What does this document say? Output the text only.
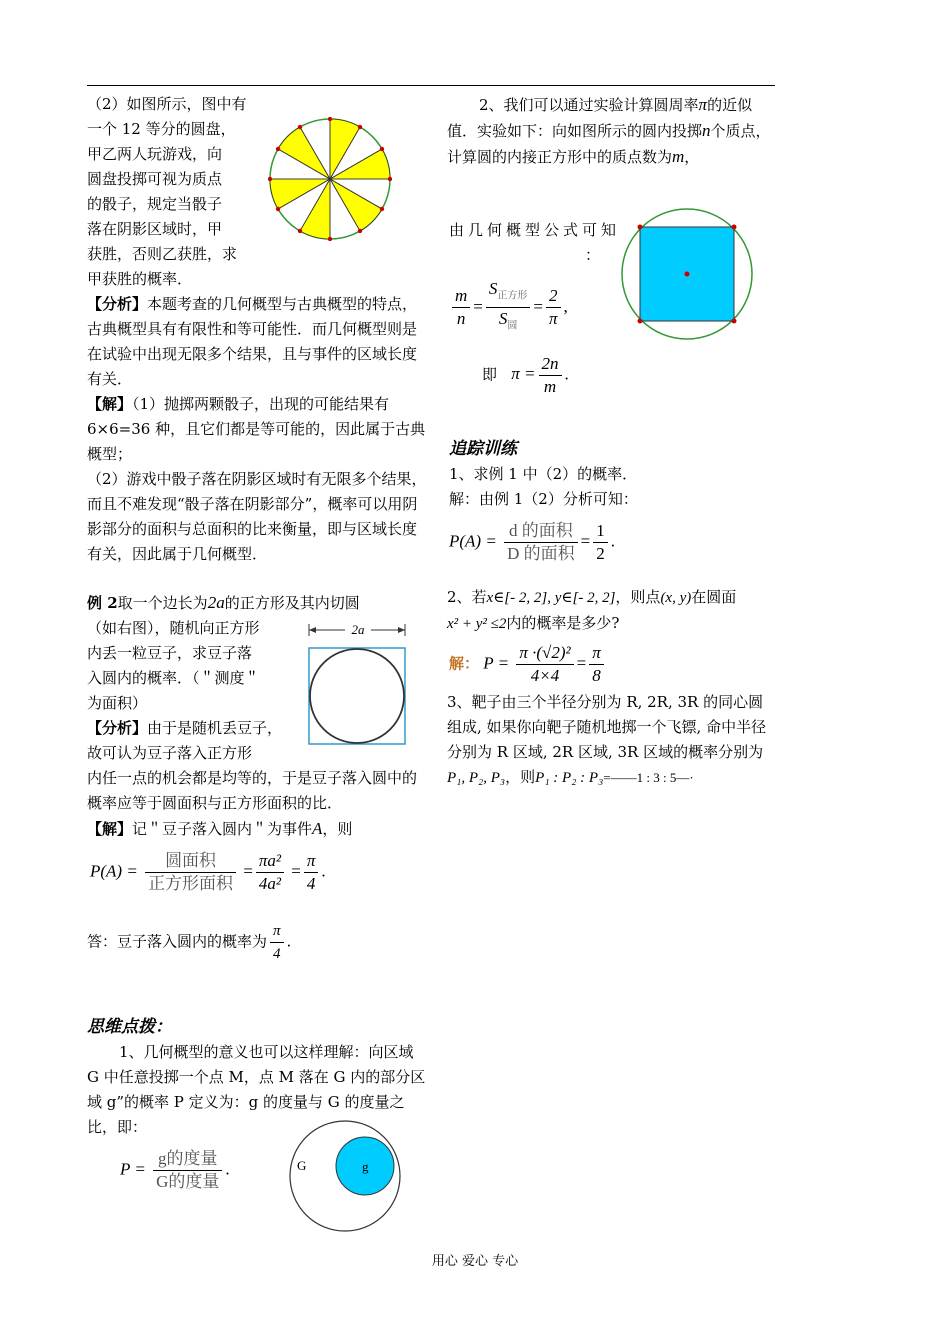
（2）如图所示，图中有
一个 12 等分的圆盘，
甲乙两人玩游戏，向
圆盘投掷可视为质点
的骰子，规定当骰子
落在阴影区域时，甲
获胜，否则乙获胜，求
甲获胜的概率．
【分析】本题考查的几何概型与古典概型的特点，古典概型具有有限性和等可能性．而几何概型则是在试验中出现无限多个结果，且与事件的区域长度有关．
【解】（1）抛掷两颗骰子，出现的可能结果有6×6=36 种，且它们都是等可能的，因此属于古典概型；
（2）游戏中骰子落在阴影区域时有无限多个结果，而且不难发现“骰子落在阴影部分”，概率可以用阴影部分的面积与总面积的比来衡量，即与区域长度有关，因此属于几何概型．
例 2取一个边长为2a的正方形及其内切圆
（如右图），随机向正方形
内丢一粒豆子，求豆子落
入圆内的概率．（＂测度＂
为面积）
【分析】由于是随机丢豆子，
故可认为豆子落入正方形
内任一点的机会都是均等的，于是豆子落入圆中的概率应等于圆面积与正方形面积的比．
【解】记＂豆子落入圆内＂为事件A，则
2a
$P(A) = \frac{\text{圆面积}}{\text{正方形面积}} = \frac{\text{πa²}}{\text{4a²}} = \frac{\pi}{4}$ .
答：豆子落入圆内的概率为 $\frac{\pi}{4}$ .
思维点拨：
1、几何概型的意义也可以这样理解：向区域 G 中任意投掷一个点 M，点 M 落在 G 内的部分区域 g”的概率 P 定义为：g 的度量与 G 的度量之比，即：
$P = \frac{\text{g的度量}}{\text{G的度量}}$ .	G	g
2、我们可以通过实验计算圆周率π的近似值．实验如下：向如图所示的圆内投掷n个质点，计算圆的内接正方形中的质点数为m，
由几何概型公式可知
：
$\frac{m}{n} = \frac{S_{正方形}}{S_圆} = \frac{2}{\pi}$ ,
即 $\pi = \frac{2n}{m}$ .
追踪训练
1、求例 1 中（2）的概率．
解：由例 1（2）分析可知：
$P(A) = \frac{\text{d 的面积}}{\text{D 的面积}} = \frac{1}{2}$ .
2、若x∈[- 2, 2], y∈[- 2, 2]，则点(x, y)在圆面
x² + y² ≤2内的概率是多少?
解： $P = \frac{\text{π ·(√2)²}}{4\times 4} = \frac{\pi}{8}$
3、靶子由三个半径分别为 R, 2R, 3R 的同心圆组成, 如果你向靶子随机地掷一个飞镖, 命中半径分别为 R 区域, 2R 区域, 3R 区域的概率分别为P₁, P₂, P₃，则P₁ : P₂ : P₃=——1 : 3 : 5—·
用心 爱心 专心
